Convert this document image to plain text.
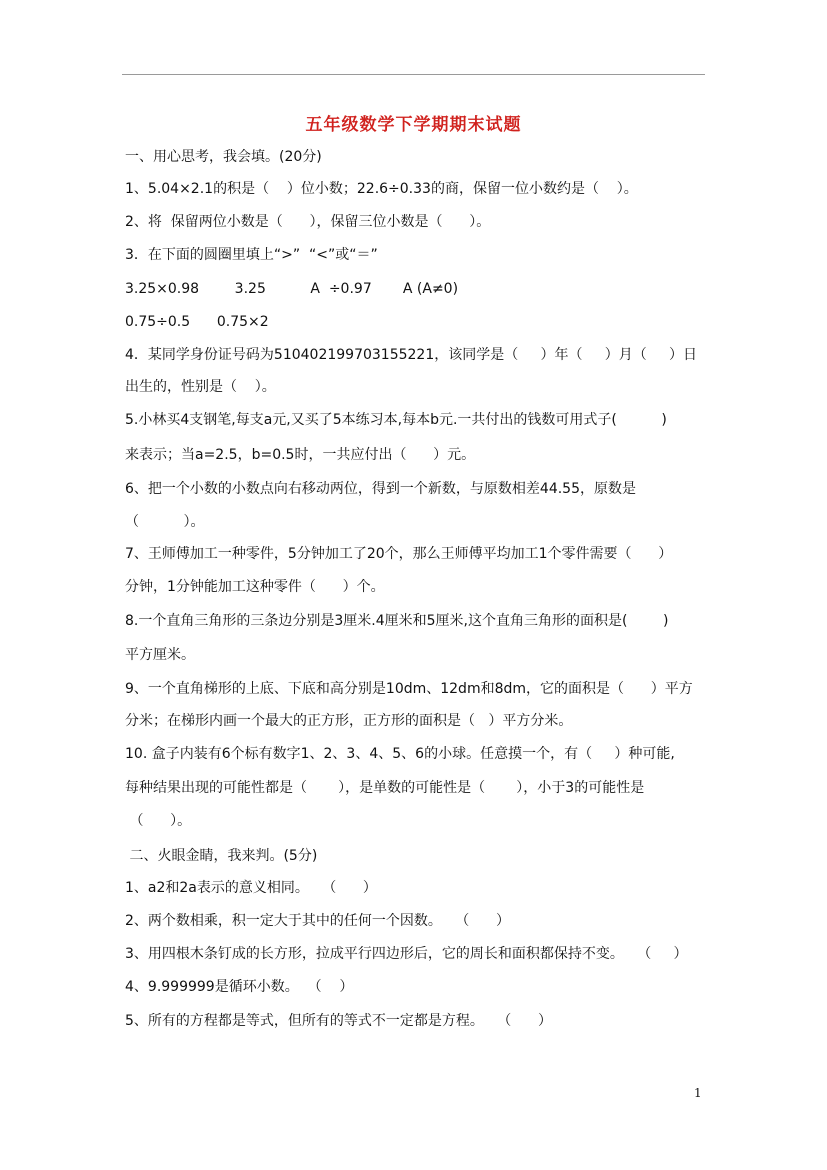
五年级数学下学期期末试题
一、用心思考，我会填。(20分)
1、5.04×2.1的积是（    ）位小数；22.6÷0.33的商，保留一位小数约是（    ）。
2、将  保留两位小数是（      ），保留三位小数是（      ）。
3．在下面的圆圈里填上“>”  “<”或“＝”
3.25×0.98        3.25          A  ÷0.97       A (A≠0)
0.75÷0.5      0.75×2
4．某同学身份证号码为510402199703155221，该同学是（     ）年（     ）月（     ）日
出生的，性别是（    ）。
5.小林买4支钢笔,每支a元,又买了5本练习本,每本b元.一共付出的钱数可用式子(          )
来表示；当a=2.5，b=0.5时，一共应付出（      ）元。
6、把一个小数的小数点向右移动两位，得到一个新数，与原数相差44.55，原数是
（          ）。
7、王师傅加工一种零件，5分钟加工了20个，那么王师傅平均加工1个零件需要（      ）
分钟，1分钟能加工这种零件（      ）个。
8.一个直角三角形的三条边分别是3厘米.4厘米和5厘米,这个直角三角形的面积是(        )
平方厘米。
9、一个直角梯形的上底、下底和高分别是10dm、12dm和8dm，它的面积是（      ）平方
分米；在梯形内画一个最大的正方形，正方形的面积是（   ）平方分米。
10. 盒子内装有6个标有数字1、2、3、4、5、6的小球。任意摸一个，有（     ）种可能,
每种结果出现的可能性都是（       ），是单数的可能性是（       ），小于3的可能性是
（      ）。
二、火眼金睛，我来判。(5分)
1、a2和2a表示的意义相同。   （      ）
2、两个数相乘，积一定大于其中的任何一个因数。   （      ）
3、用四根木条钉成的长方形，拉成平行四边形后，它的周长和面积都保持不变。   （     ）
4、9.999999是循环小数。  （    ）
5、所有的方程都是等式，但所有的等式不一定都是方程。   （      ）
1
